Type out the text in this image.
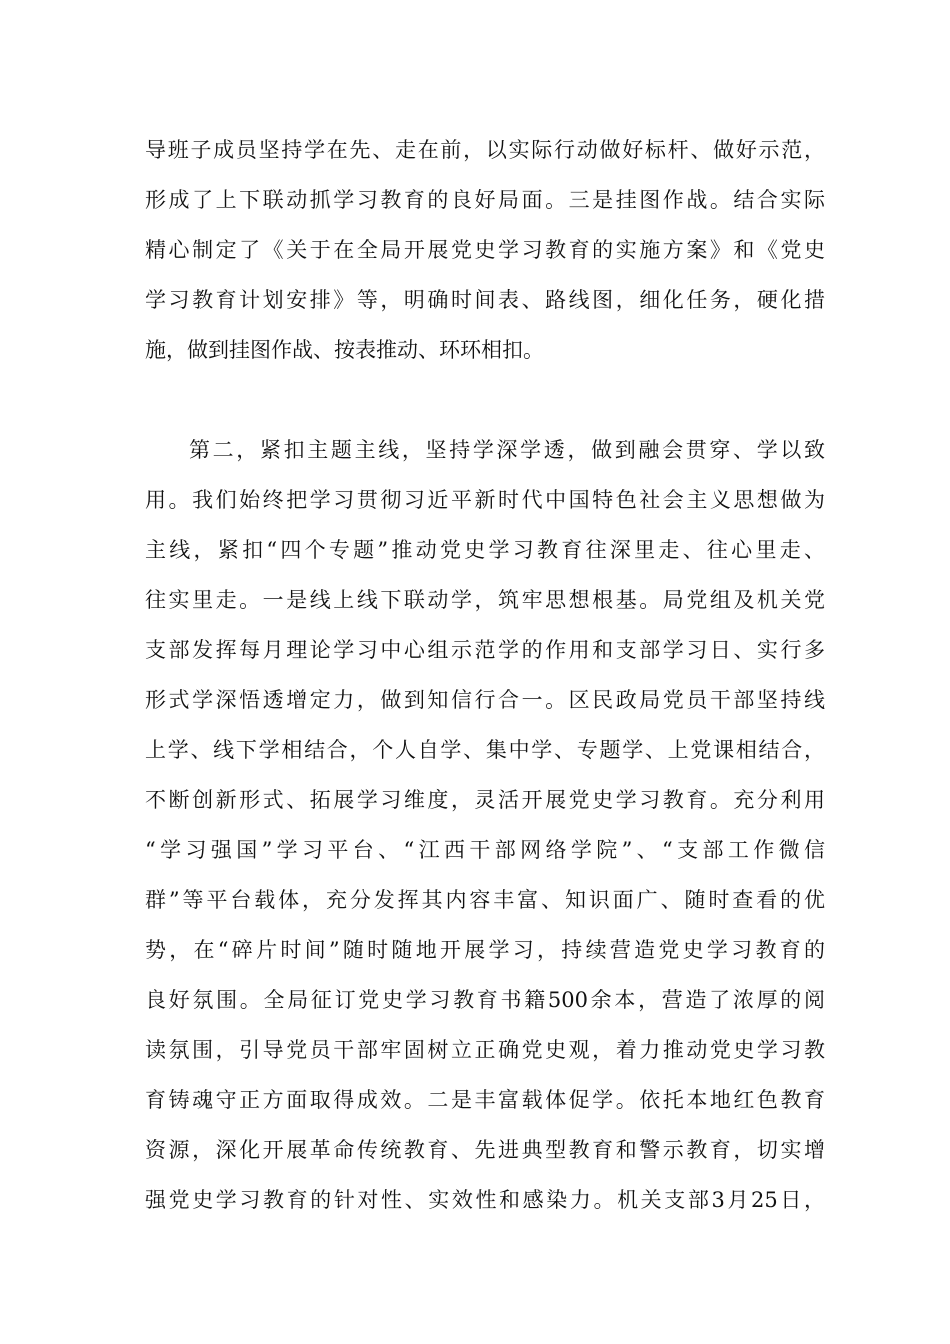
导班子成员坚持学在先、走在前，以实际行动做好标杆、做好示范，
形成了上下联动抓学习教育的良好局面。三是挂图作战。结合实际
精心制定了《关于在全局开展党史学习教育的实施方案》和《党史
学习教育计划安排》等，明确时间表、路线图，细化任务，硬化措
施，做到挂图作战、按表推动、环环相扣。
第二，紧扣主题主线，坚持学深学透，做到融会贯穿、学以致
用。我们始终把学习贯彻习近平新时代中国特色社会主义思想做为
主线，紧扣“四个专题”推动党史学习教育往深里走、往心里走、
往实里走。一是线上线下联动学，筑牢思想根基。局党组及机关党
支部发挥每月理论学习中心组示范学的作用和支部学习日、实行多
形式学深悟透增定力，做到知信行合一。区民政局党员干部坚持线
上学、线下学相结合，个人自学、集中学、专题学、上党课相结合，
不断创新形式、拓展学习维度，灵活开展党史学习教育。充分利用
“学习强国”学习平台、“江西干部网络学院”、“支部工作微信
群”等平台载体，充分发挥其内容丰富、知识面广、随时查看的优
势，在“碎片时间”随时随地开展学习，持续营造党史学习教育的
良好氛围。全局征订党史学习教育书籍500余本，营造了浓厚的阅
读氛围，引导党员干部牢固树立正确党史观，着力推动党史学习教
育铸魂守正方面取得成效。二是丰富载体促学。依托本地红色教育
资源，深化开展革命传统教育、先进典型教育和警示教育，切实增
强党史学习教育的针对性、实效性和感染力。机关支部3月25日，
